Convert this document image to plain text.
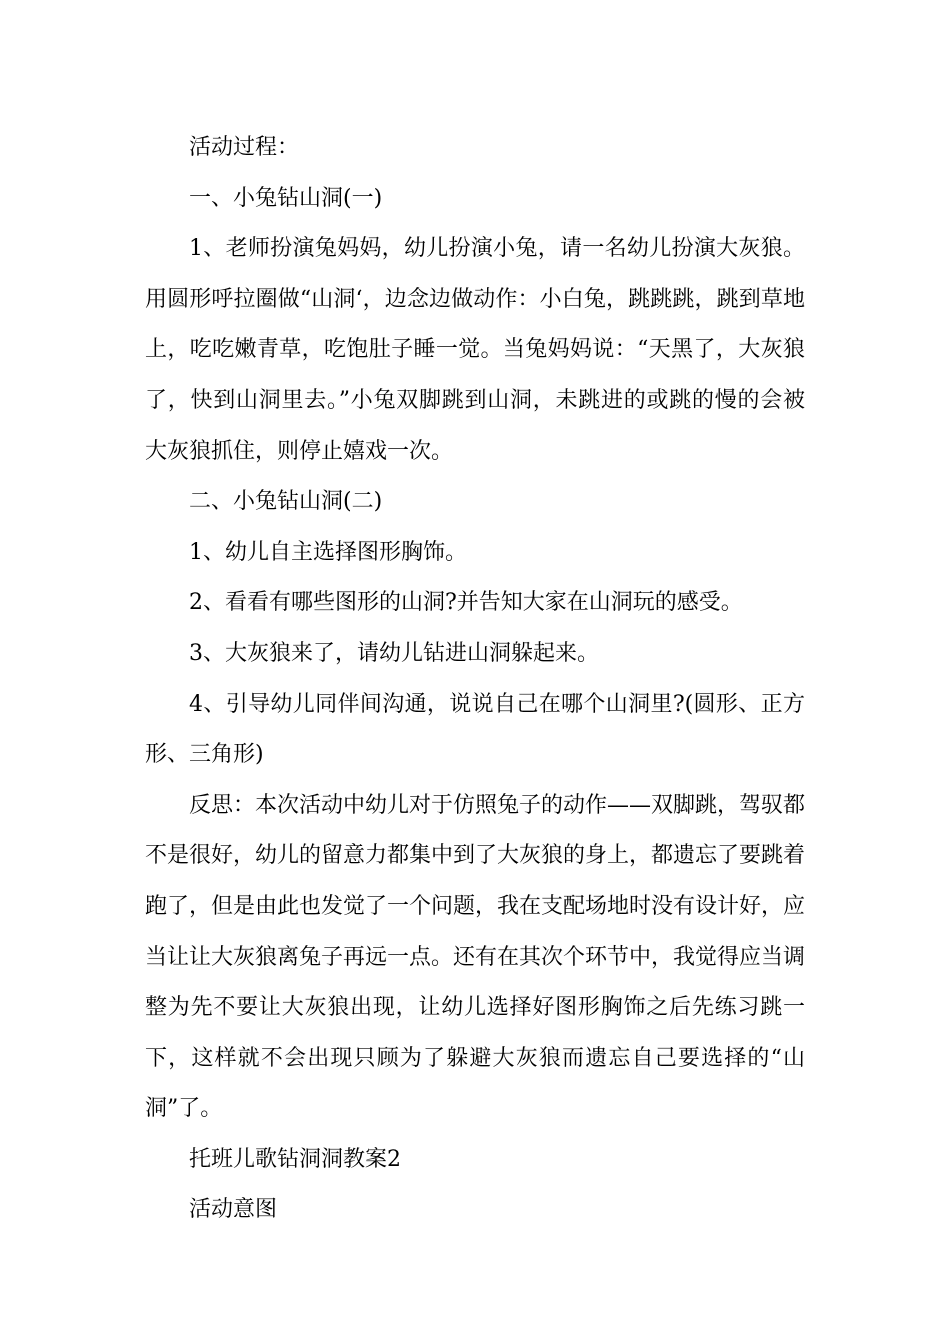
活动过程：

一、小兔钻山洞(一)

1、老师扮演兔妈妈，幼儿扮演小兔，请一名幼儿扮演大灰狼。用圆形呼拉圈做“山洞‘，边念边做动作：小白兔，跳跳跳，跳到草地上，吃吃嫩青草，吃饱肚子睡一觉。当兔妈妈说：“天黑了，大灰狼了，快到山洞里去。”小兔双脚跳到山洞，未跳进的或跳的慢的会被大灰狼抓住，则停止嬉戏一次。

二、小兔钻山洞(二)

1、幼儿自主选择图形胸饰。

2、看看有哪些图形的山洞?并告知大家在山洞玩的感受。

3、大灰狼来了，请幼儿钻进山洞躲起来。

4、引导幼儿同伴间沟通，说说自己在哪个山洞里?(圆形、正方形、三角形)

反思：本次活动中幼儿对于仿照兔子的动作——双脚跳，驾驭都不是很好，幼儿的留意力都集中到了大灰狼的身上，都遗忘了要跳着跑了，但是由此也发觉了一个问题，我在支配场地时没有设计好，应当让让大灰狼离兔子再远一点。还有在其次个环节中，我觉得应当调整为先不要让大灰狼出现，让幼儿选择好图形胸饰之后先练习跳一下，这样就不会出现只顾为了躲避大灰狼而遗忘自己要选择的“山洞”了。

托班儿歌钻洞洞教案2

活动意图
